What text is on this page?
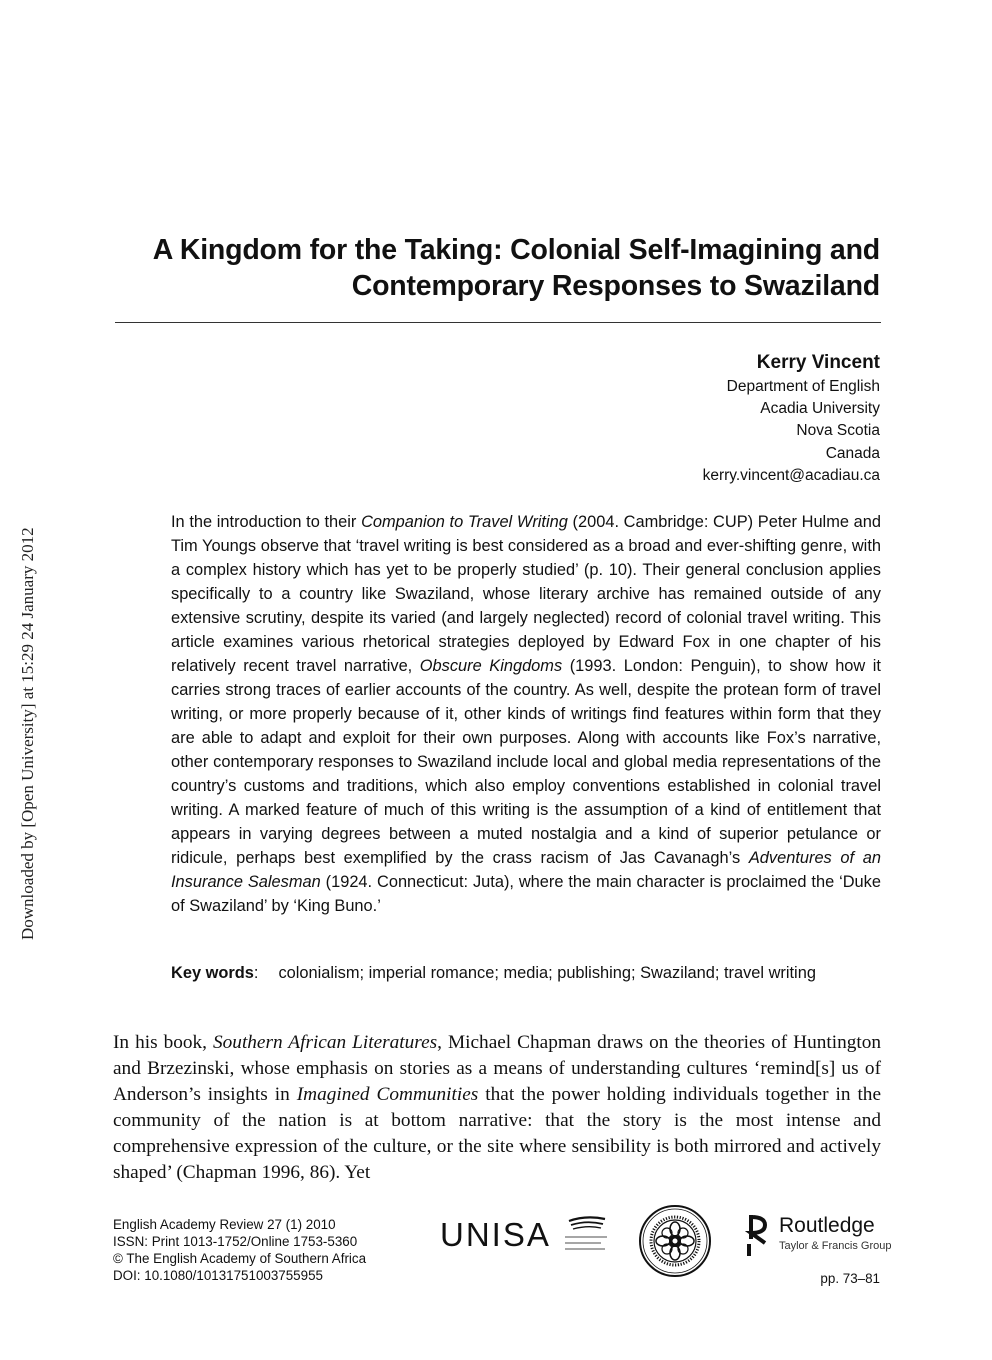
Downloaded by [Open University] at 15:29 24 January 2012
A Kingdom for the Taking: Colonial Self-Imagining and
Contemporary Responses to Swaziland
Kerry Vincent
Department of English
Acadia University
Nova Scotia
Canada
kerry.vincent@acadiau.ca

In the introduction to their Companion to Travel Writing (2004. Cambridge: CUP) Peter Hulme and Tim Youngs observe that ‘travel writing is best considered as a broad and ever-shifting genre, with a complex history which has yet to be properly studied’ (p. 10). Their general conclusion applies specifically to a country like Swaziland, whose literary archive has remained outside of any extensive scrutiny, despite its varied (and largely neglected) record of colonial travel writing. This article examines various rhetorical strategies deployed by Edward Fox in one chapter of his relatively recent travel narrative, Obscure Kingdoms (1993. London: Penguin), to show how it carries strong traces of earlier accounts of the country. As well, despite the protean form of travel writing, or more properly because of it, other kinds of writings find features within form that they are able to adapt and exploit for their own purposes. Along with accounts like Fox’s narrative, other contemporary responses to Swaziland include local and global media representations of the country’s customs and traditions, which also employ conventions established in colonial travel writing. A marked feature of much of this writing is the assumption of a kind of entitlement that appears in varying degrees between a muted nostalgia and a kind of superior petulance or ridicule, perhaps best exemplified by the crass racism of Jas Cavanagh’s Adventures of an Insurance Salesman (1924. Connecticut: Juta), where the main character is proclaimed the ‘Duke of Swaziland’ by ‘King Buno.’

Key words: colonialism; imperial romance; media; publishing; Swaziland; travel writing

In his book, Southern African Literatures, Michael Chapman draws on the theories of Huntington and Brzezinski, whose emphasis on stories as a means of understanding cultures ‘remind[s] us of Anderson’s insights in Imagined Communities that the power holding individuals together in the community of the nation is at bottom narrative: that the story is the most intense and comprehensive expression of the culture, or the site where sensibility is both mirrored and actively shaped’ (Chapman 1996, 86). Yet

English Academy Review 27 (1) 2010
ISSN: Print 1013-1752/Online 1753-5360
© The English Academy of Southern Africa
DOI: 10.1080/10131751003755955
UNISA	Routledge
Taylor & Francis Group
pp. 73–81
